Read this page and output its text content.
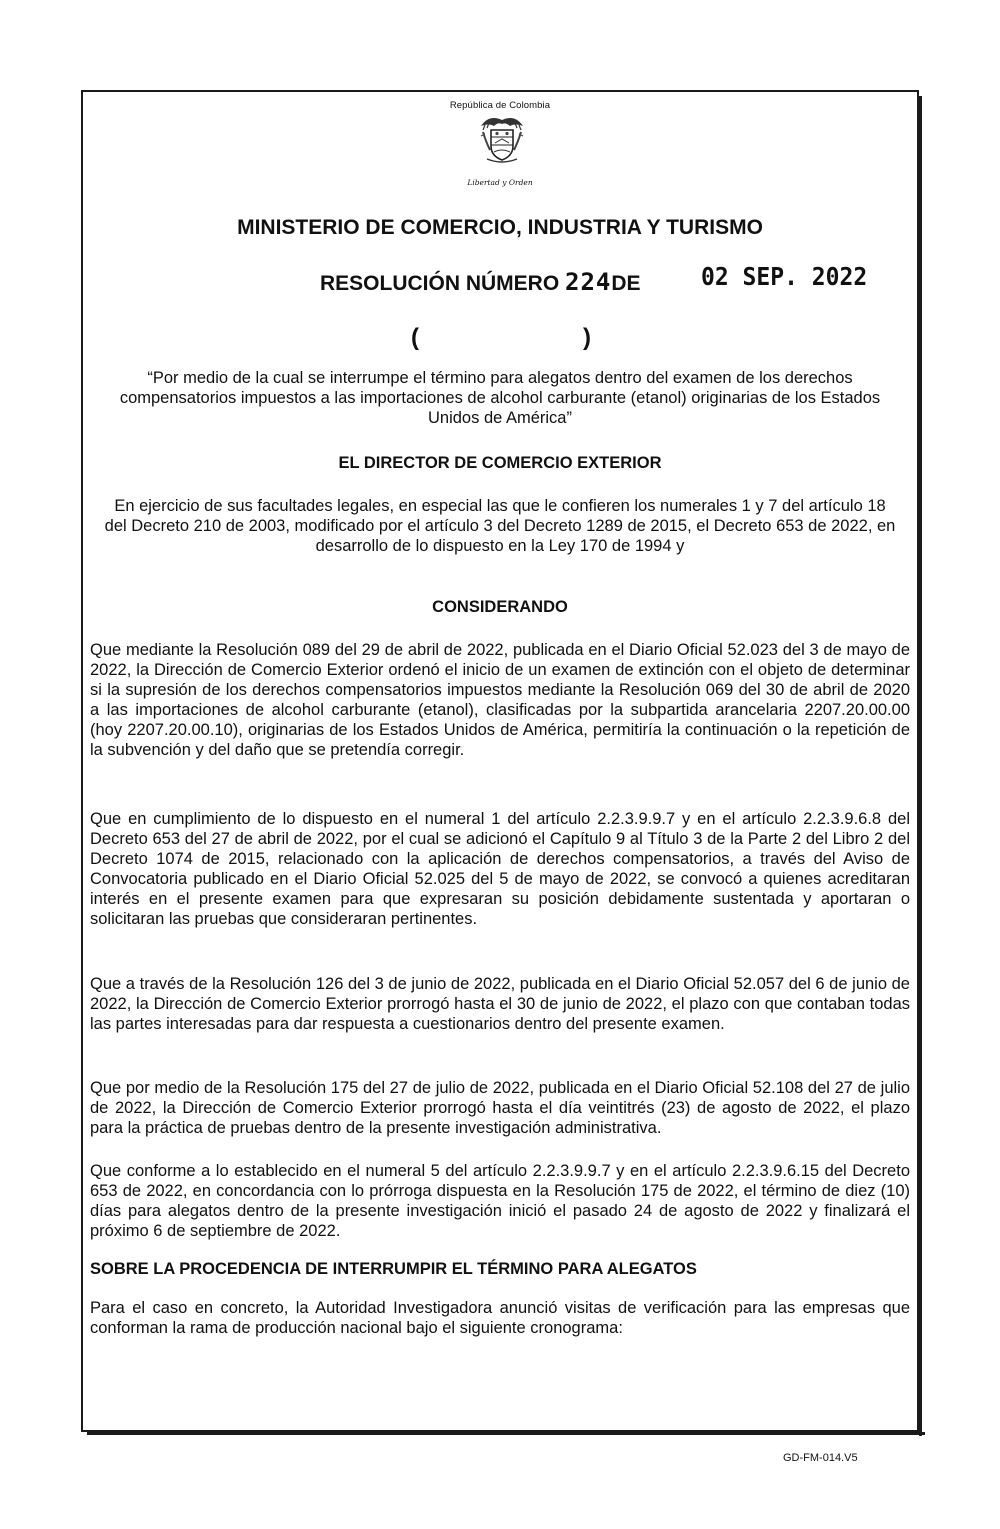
República de Colombia
Libertad y Orden
MINISTERIO DE COMERCIO, INDUSTRIA Y TURISMO
RESOLUCIÓN NÚMERO 224DE 02 SEP. 2022
(	)
“Por medio de la cual se interrumpe el término para alegatos dentro del examen de los derechos compensatorios impuestos a las importaciones de alcohol carburante (etanol) originarias de los Estados Unidos de América”
EL DIRECTOR DE COMERCIO EXTERIOR
En ejercicio de sus facultades legales, en especial las que le confieren los numerales 1 y 7 del artículo 18 del Decreto 210 de 2003, modificado por el artículo 3 del Decreto 1289 de 2015, el Decreto 653 de 2022, en desarrollo de lo dispuesto en la Ley 170 de 1994 y
CONSIDERANDO
Que mediante la Resolución 089 del 29 de abril de 2022, publicada en el Diario Oficial 52.023 del 3 de mayo de 2022, la Dirección de Comercio Exterior ordenó el inicio de un examen de extinción con el objeto de determinar si la supresión de los derechos compensatorios impuestos mediante la Resolución 069 del 30 de abril de 2020 a las importaciones de alcohol carburante (etanol), clasificadas por la subpartida arancelaria 2207.20.00.00 (hoy 2207.20.00.10), originarias de los Estados Unidos de América, permitiría la continuación o la repetición de la subvención y del daño que se pretendía corregir.
Que en cumplimiento de lo dispuesto en el numeral 1 del artículo 2.2.3.9.9.7 y en el artículo 2.2.3.9.6.8 del Decreto 653 del 27 de abril de 2022, por el cual se adicionó el Capítulo 9 al Título 3 de la Parte 2 del Libro 2 del Decreto 1074 de 2015, relacionado con la aplicación de derechos compensatorios, a través del Aviso de Convocatoria publicado en el Diario Oficial 52.025 del 5 de mayo de 2022, se convocó a quienes acreditaran interés en el presente examen para que expresaran su posición debidamente sustentada y aportaran o solicitaran las pruebas que consideraran pertinentes.
Que a través de la Resolución 126 del 3 de junio de 2022, publicada en el Diario Oficial 52.057 del 6 de junio de 2022, la Dirección de Comercio Exterior prorrogó hasta el 30 de junio de 2022, el plazo con que contaban todas las partes interesadas para dar respuesta a cuestionarios dentro del presente examen.
Que por medio de la Resolución 175 del 27 de julio de 2022, publicada en el Diario Oficial 52.108 del 27 de julio de 2022, la Dirección de Comercio Exterior prorrogó hasta el día veintitrés (23) de agosto de 2022, el plazo para la práctica de pruebas dentro de la presente investigación administrativa.
Que conforme a lo establecido en el numeral 5 del artículo 2.2.3.9.9.7 y en el artículo 2.2.3.9.6.15 del Decreto 653 de 2022, en concordancia con lo prórroga dispuesta en la Resolución 175 de 2022, el término de diez (10) días para alegatos dentro de la presente investigación inició el pasado 24 de agosto de 2022 y finalizará el próximo 6 de septiembre de 2022.
SOBRE LA PROCEDENCIA DE INTERRUMPIR EL TÉRMINO PARA ALEGATOS
Para el caso en concreto, la Autoridad Investigadora anunció visitas de verificación para las empresas que conforman la rama de producción nacional bajo el siguiente cronograma:
GD-FM-014.V5
